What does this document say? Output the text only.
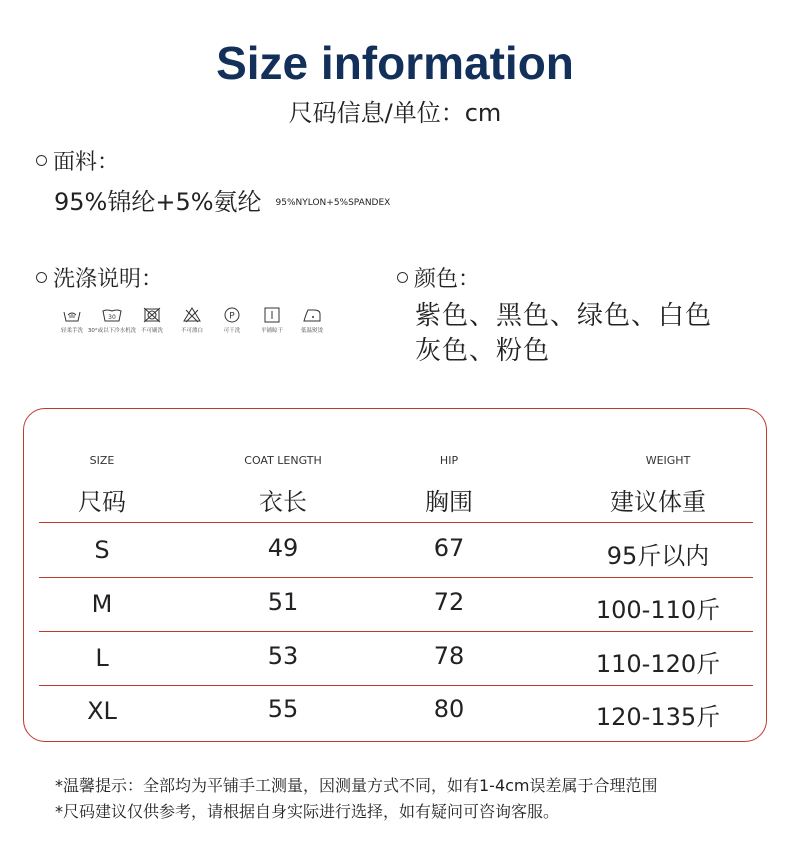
Size information
尺码信息/单位：cm
面料：
95%锦纶+5%氨纶 95%NYLON+5%SPANDEX
洗涤说明：
轻柔手洗
30
30°或以下冷水机洗 不可刷洗	不可漂白
P
可干洗	平铺晾干	低温熨烫
颜色：
紫色、黑色、绿色、白色
灰色、粉色
SIZE	COAT LENGTH	HIP	WEIGHT
尺码	衣长	胸围	建议体重
S	49	67	95斤以内
M	51	72	100-110斤
L	53	78	110-120斤
XL	55	80	120-135斤
*温馨提示：全部均为平铺手工测量，因测量方式不同，如有1-4cm误差属于合理范围
*尺码建议仅供参考，请根据自身实际进行选择，如有疑问可咨询客服。
